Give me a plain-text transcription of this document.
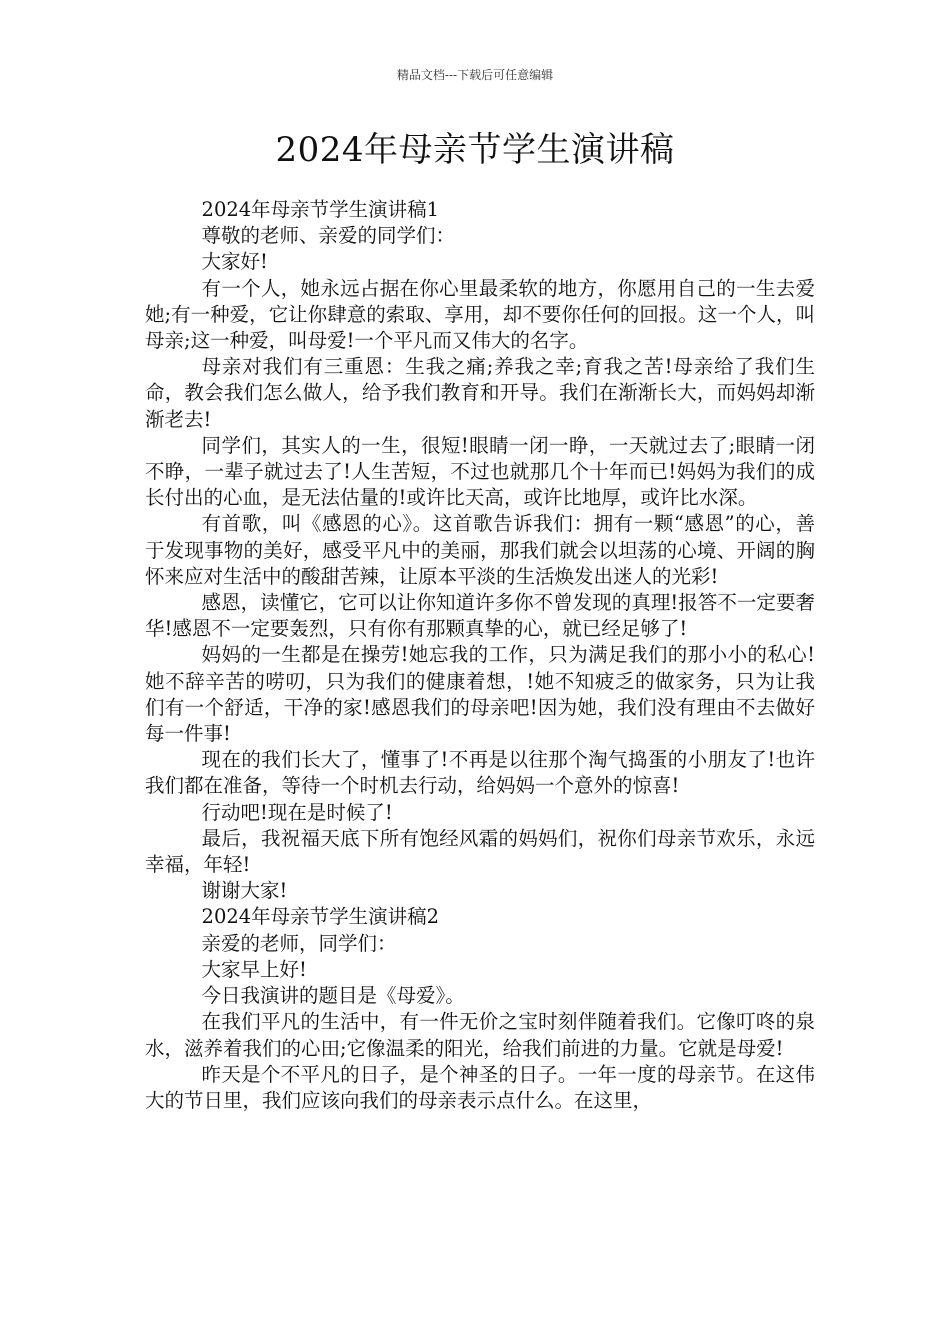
精品文档---下载后可任意编辑
2024年母亲节学生演讲稿

2024年母亲节学生演讲稿1

尊敬的老师、亲爱的同学们：

大家好!

有一个人，她永远占据在你心里最柔软的地方，你愿用自己的一生去爱她;有一种爱，它让你肆意的索取、享用，却不要你任何的回报。这一个人，叫母亲;这一种爱，叫母爱!一个平凡而又伟大的名字。

母亲对我们有三重恩：生我之痛;养我之幸;育我之苦!母亲给了我们生命，教会我们怎么做人，给予我们教育和开导。我们在渐渐长大，而妈妈却渐渐老去!

同学们，其实人的一生，很短!眼睛一闭一睁，一天就过去了;眼睛一闭不睁，一辈子就过去了!人生苦短，不过也就那几个十年而已!妈妈为我们的成长付出的心血，是无法估量的!或许比天高，或许比地厚，或许比水深。

有首歌，叫《感恩的心》。这首歌告诉我们：拥有一颗“感恩”的心，善于发现事物的美好，感受平凡中的美丽，那我们就会以坦荡的心境、开阔的胸怀来应对生活中的酸甜苦辣，让原本平淡的生活焕发出迷人的光彩!

感恩，读懂它，它可以让你知道许多你不曾发现的真理!报答不一定要奢华!感恩不一定要轰烈，只有你有那颗真挚的心，就已经足够了!

妈妈的一生都是在操劳!她忘我的工作，只为满足我们的那小小的私心!她不辞辛苦的唠叨，只为我们的健康着想，!她不知疲乏的做家务，只为让我们有一个舒适，干净的家!感恩我们的母亲吧!因为她，我们没有理由不去做好每一件事!

现在的我们长大了，懂事了!不再是以往那个淘气捣蛋的小朋友了!也许我们都在准备，等待一个时机去行动，给妈妈一个意外的惊喜!

行动吧!现在是时候了!

最后，我祝福天底下所有饱经风霜的妈妈们，祝你们母亲节欢乐，永远幸福，年轻!

谢谢大家!

2024年母亲节学生演讲稿2

亲爱的老师，同学们：

大家早上好!

今日我演讲的题目是《母爱》。

在我们平凡的生活中，有一件无价之宝时刻伴随着我们。它像叮咚的泉水，滋养着我们的心田;它像温柔的阳光，给我们前进的力量。它就是母爱!

昨天是个不平凡的日子，是个神圣的日子。一年一度的母亲节。在这伟大的节日里，我们应该向我们的母亲表示点什么。在这里，
